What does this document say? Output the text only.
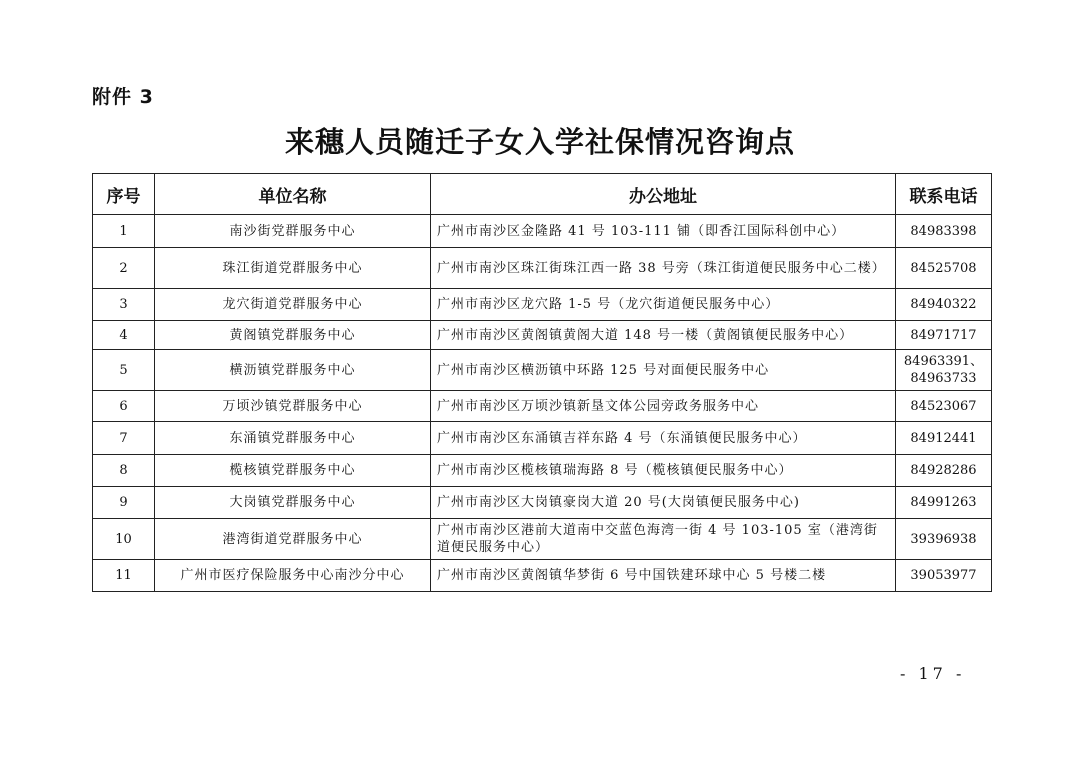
附件 3
来穗人员随迁子女入学社保情况咨询点
序号	单位名称	办公地址	联系电话
1	南沙街党群服务中心	广州市南沙区金隆路 41 号 103-111 铺（即香江国际科创中心）	84983398
2	珠江街道党群服务中心	广州市南沙区珠江街珠江西一路 38 号旁（珠江街道便民服务中心二楼）	84525708
3	龙穴街道党群服务中心	广州市南沙区龙穴路 1-5 号（龙穴街道便民服务中心）	84940322
4	黄阁镇党群服务中心	广州市南沙区黄阁镇黄阁大道 148 号一楼（黄阁镇便民服务中心）	84971717
5	横沥镇党群服务中心	广州市南沙区横沥镇中环路 125 号对面便民服务中心	84963391、84963733
6	万顷沙镇党群服务中心	广州市南沙区万顷沙镇新垦文体公园旁政务服务中心	84523067
7	东涌镇党群服务中心	广州市南沙区东涌镇吉祥东路 4 号（东涌镇便民服务中心）	84912441
8	榄核镇党群服务中心	广州市南沙区榄核镇瑞海路 8 号（榄核镇便民服务中心）	84928286
9	大岗镇党群服务中心	广州市南沙区大岗镇豪岗大道 20 号(大岗镇便民服务中心)	84991263
10	港湾街道党群服务中心	广州市南沙区港前大道南中交蓝色海湾一街 4 号 103-105 室（港湾街道便民服务中心）	39396938
11	广州市医疗保险服务中心南沙分中心	广州市南沙区黄阁镇华梦街 6 号中国铁建环球中心 5 号楼二楼	39053977
- 17 -
